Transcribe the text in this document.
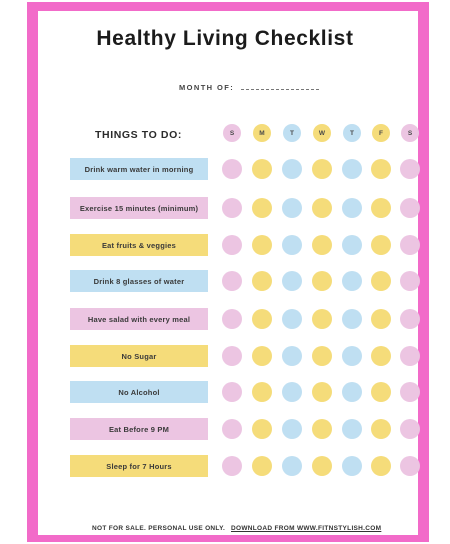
Healthy Living Checklist
MONTH OF:
THINGS TO DO:	S	M	T	W	T	F	S
Drink warm water in morning
Exercise 15 minutes (minimum)
Eat fruits & veggies
Drink 8 glasses of water
Have salad with every meal
No Sugar
No Alcohol
Eat Before 9 PM
Sleep for 7 Hours
NOT FOR SALE. PERSONAL USE ONLY. DOWNLOAD FROM WWW.FITNSTYLISH.COM
